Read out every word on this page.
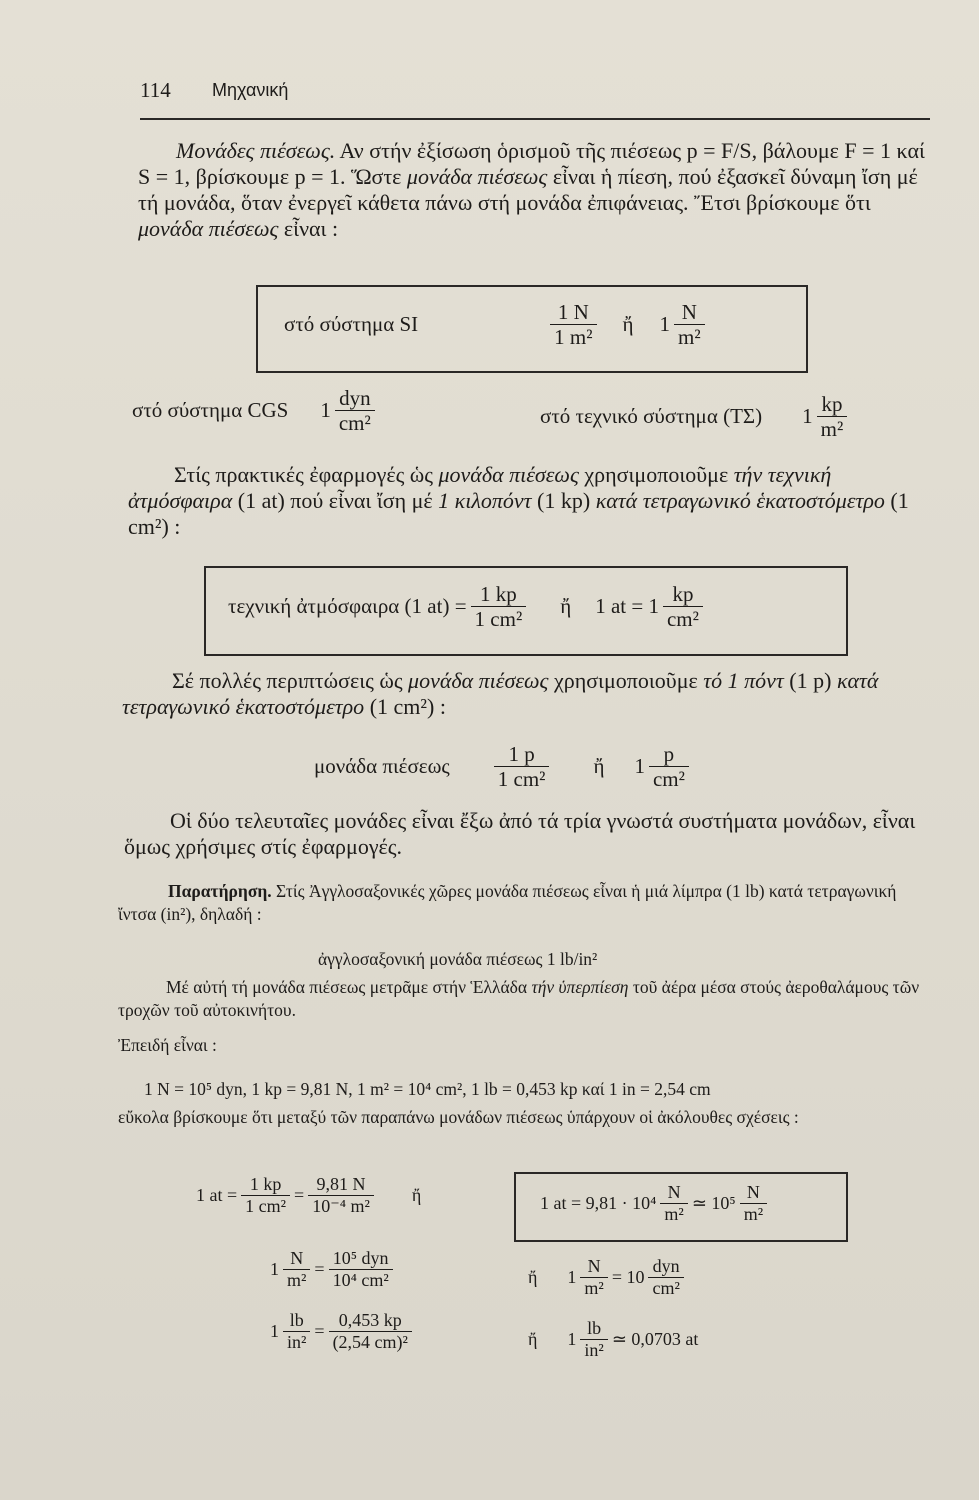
114 Μηχανική

Μονάδες πιέσεως. Αν στήν ἐξίσωση ὁρισμοῦ τῆς πιέσεως p = F/S, βάλουμε F = 1 καί S = 1, βρίσκουμε p = 1. Ὥστε μονάδα πιέσεως εἶναι ἡ πίεση, πού ἐξασκεῖ δύναμη ἴση μέ τή μονάδα, ὅταν ἐνεργεῖ κάθετα πάνω στή μονάδα ἐπιφάνειας. Ἔτσι βρίσκουμε ὅτι μονάδα πιέσεως εἶναι :

στό σύστημα SI	$\frac{1 N}{\text{1 m²}}$ ἤ $1 \frac{N}{\text{m²}}$
στό σύστημα CGS $1 \frac{\text{dyn}}{\text{cm²}}$	στό τεχνικό σύστημα (ΤΣ) $1 \frac{kp}{\text{m²}}$

Στίς πρακτικές ἐφαρμογές ὡς μονάδα πιέσεως χρησιμοποιοῦμε τήν τεχνική ἀτμόσφαιρα (1 at) πού εἶναι ἴση μέ 1 κιλοπόντ (1 kp) κατά τετραγωνικό ἑκατοστόμετρο (1 cm²) :

τεχνική ἀτμόσφαιρα (1 $at) = \frac{1 kp}{\text{1 cm²}}$ ἤ 1 at = $1 \frac{kp}{\text{cm²}}$

Σέ πολλές περιπτώσεις ὡς μονάδα πιέσεως χρησιμοποιοῦμε τό 1 πόντ (1 p) κατά τετραγωνικό ἑκατοστόμετρο (1 cm²) :

μονάδα πιέσεως $\frac{1 p}{\text{1 cm²}}$ ἤ $1 \frac{p}{\text{cm²}}$

Οἱ δύο τελευταῖες μονάδες εἶναι ἔξω ἀπό τά τρία γνωστά συστήματα μονάδων, εἶναι ὅμως χρήσιμες στίς ἐφαρμογές.

Παρατήρηση. Στίς Ἀγγλοσαξονικές χῶρες μονάδα πιέσεως εἶναι ἡ μιά λίμπρα (1 lb) κατά τετραγωνική ἴντσα (in²), δηλαδή :

ἀγγλοσαξονική μονάδα πιέσεως 1 lb/in²

Μέ αὐτή τή μονάδα πιέσεως μετρᾶμε στήν Ἑλλάδα τήν ὑπερπίεση τοῦ ἀέρα μέσα στούς ἀεροθαλάμους τῶν τροχῶν τοῦ αὐτοκινήτου.

Ἐπειδή εἶναι :
1 N = 10⁵ dyn, 1 kp = 9,81 N, 1 m² = 10⁴ cm², 1 lb = 0,453 kp καί 1 in = 2,54 cm

εὔκολα βρίσκουμε ὅτι μεταξύ τῶν παραπάνω μονάδων πιέσεως ὑπάρχουν οἱ ἀκόλουθες σχέσεις :

1 at = $\frac{1 kp}{\text{1 cm²}} = \frac{9,81 N}{\text{10⁻⁴ m²}}$ ἤ	1 at = $9,81 \cdot 10^4 \frac{N}{\text{m²}}$ ≃ $10^5 \frac{N}{\text{m²}}$
$1 \frac{N}{\text{m²}} = \frac{\text{10⁵ dyn}}{\text{10⁴ cm²}}$	ἤ $1 \frac{N}{\text{m²}} = 10 \frac{\text{dyn}}{\text{cm²}}$
$1 \frac{lb}{\text{in²}} = \frac{0,453 kp}{\text{(2,54 cm)²}}$	ἤ $1 \frac{lb}{\text{in²}}$ ≃ 0,0703 at
